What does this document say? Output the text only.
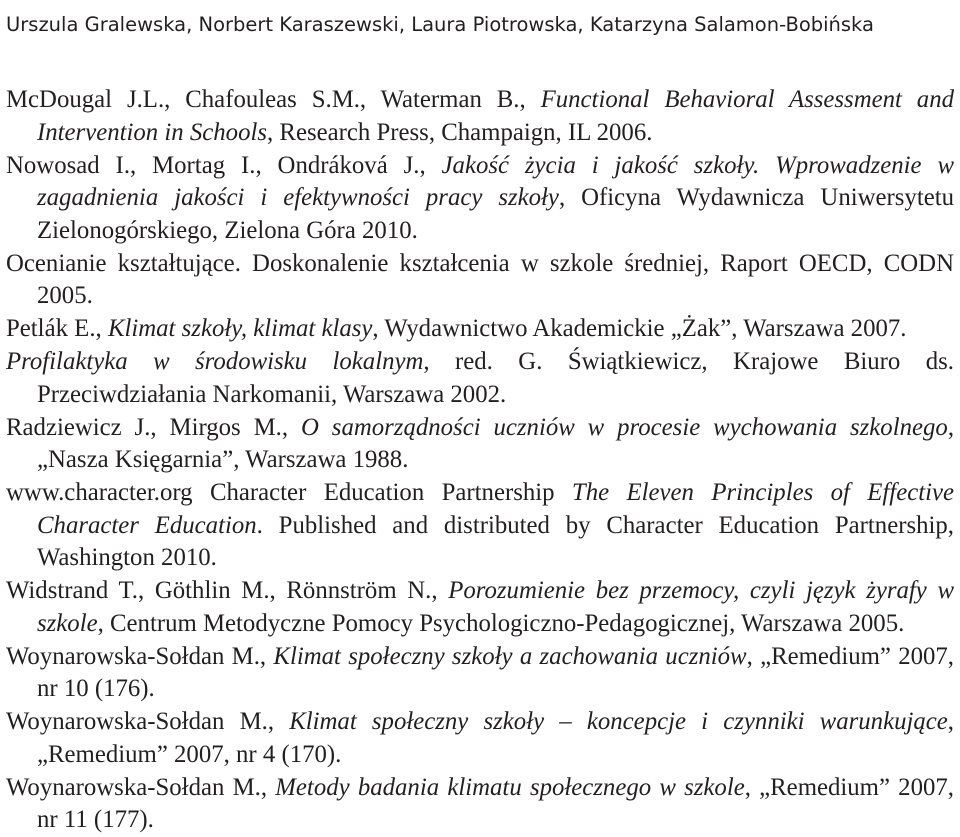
Urszula Gralewska, Norbert Karaszewski, Laura Piotrowska, Katarzyna Salamon-Bobińska

McDougal J.L., Chafouleas S.M., Waterman B., Functional Behavioral Assessment and Intervention in Schools, Research Press, Champaign, IL 2006.

Nowosad I., Mortag I., Ondráková J., Jakość życia i jakość szkoły. Wprowadzenie w zagadnienia jakości i efektywności pracy szkoły, Oficyna Wydawnicza Uniwersytetu Zielonogórskiego, Zielona Góra 2010.

Ocenianie kształtujące. Doskonalenie kształcenia w szkole średniej, Raport OECD, CODN 2005.

Petlák E., Klimat szkoły, klimat klasy, Wydawnictwo Akademickie „Żak”, Warszawa 2007.

Profilaktyka w środowisku lokalnym, red. G. Świątkiewicz, Krajowe Biuro ds. Przeciwdziałania Narkomanii, Warszawa 2002.

Radziewicz J., Mirgos M., O samorządności uczniów w procesie wychowania szkolnego, „Nasza Księgarnia”, Warszawa 1988.

www.character.org Character Education Partnership The Eleven Principles of Effective Character Education. Published and distributed by Character Education Partnership, Washington 2010.

Widstrand T., Göthlin M., Rönnström N., Porozumienie bez przemocy, czyli język żyrafy w szkole, Centrum Metodyczne Pomocy Psychologiczno-Pedagogicznej, Warszawa 2005.

Woynarowska-Sołdan M., Klimat społeczny szkoły a zachowania uczniów, „Remedium” 2007, nr 10 (176).

Woynarowska-Sołdan M., Klimat społeczny szkoły – koncepcje i czynniki warunkujące, „Remedium” 2007, nr 4 (170).

Woynarowska-Sołdan M., Metody badania klimatu społecznego w szkole, „Remedium” 2007, nr 11 (177).
